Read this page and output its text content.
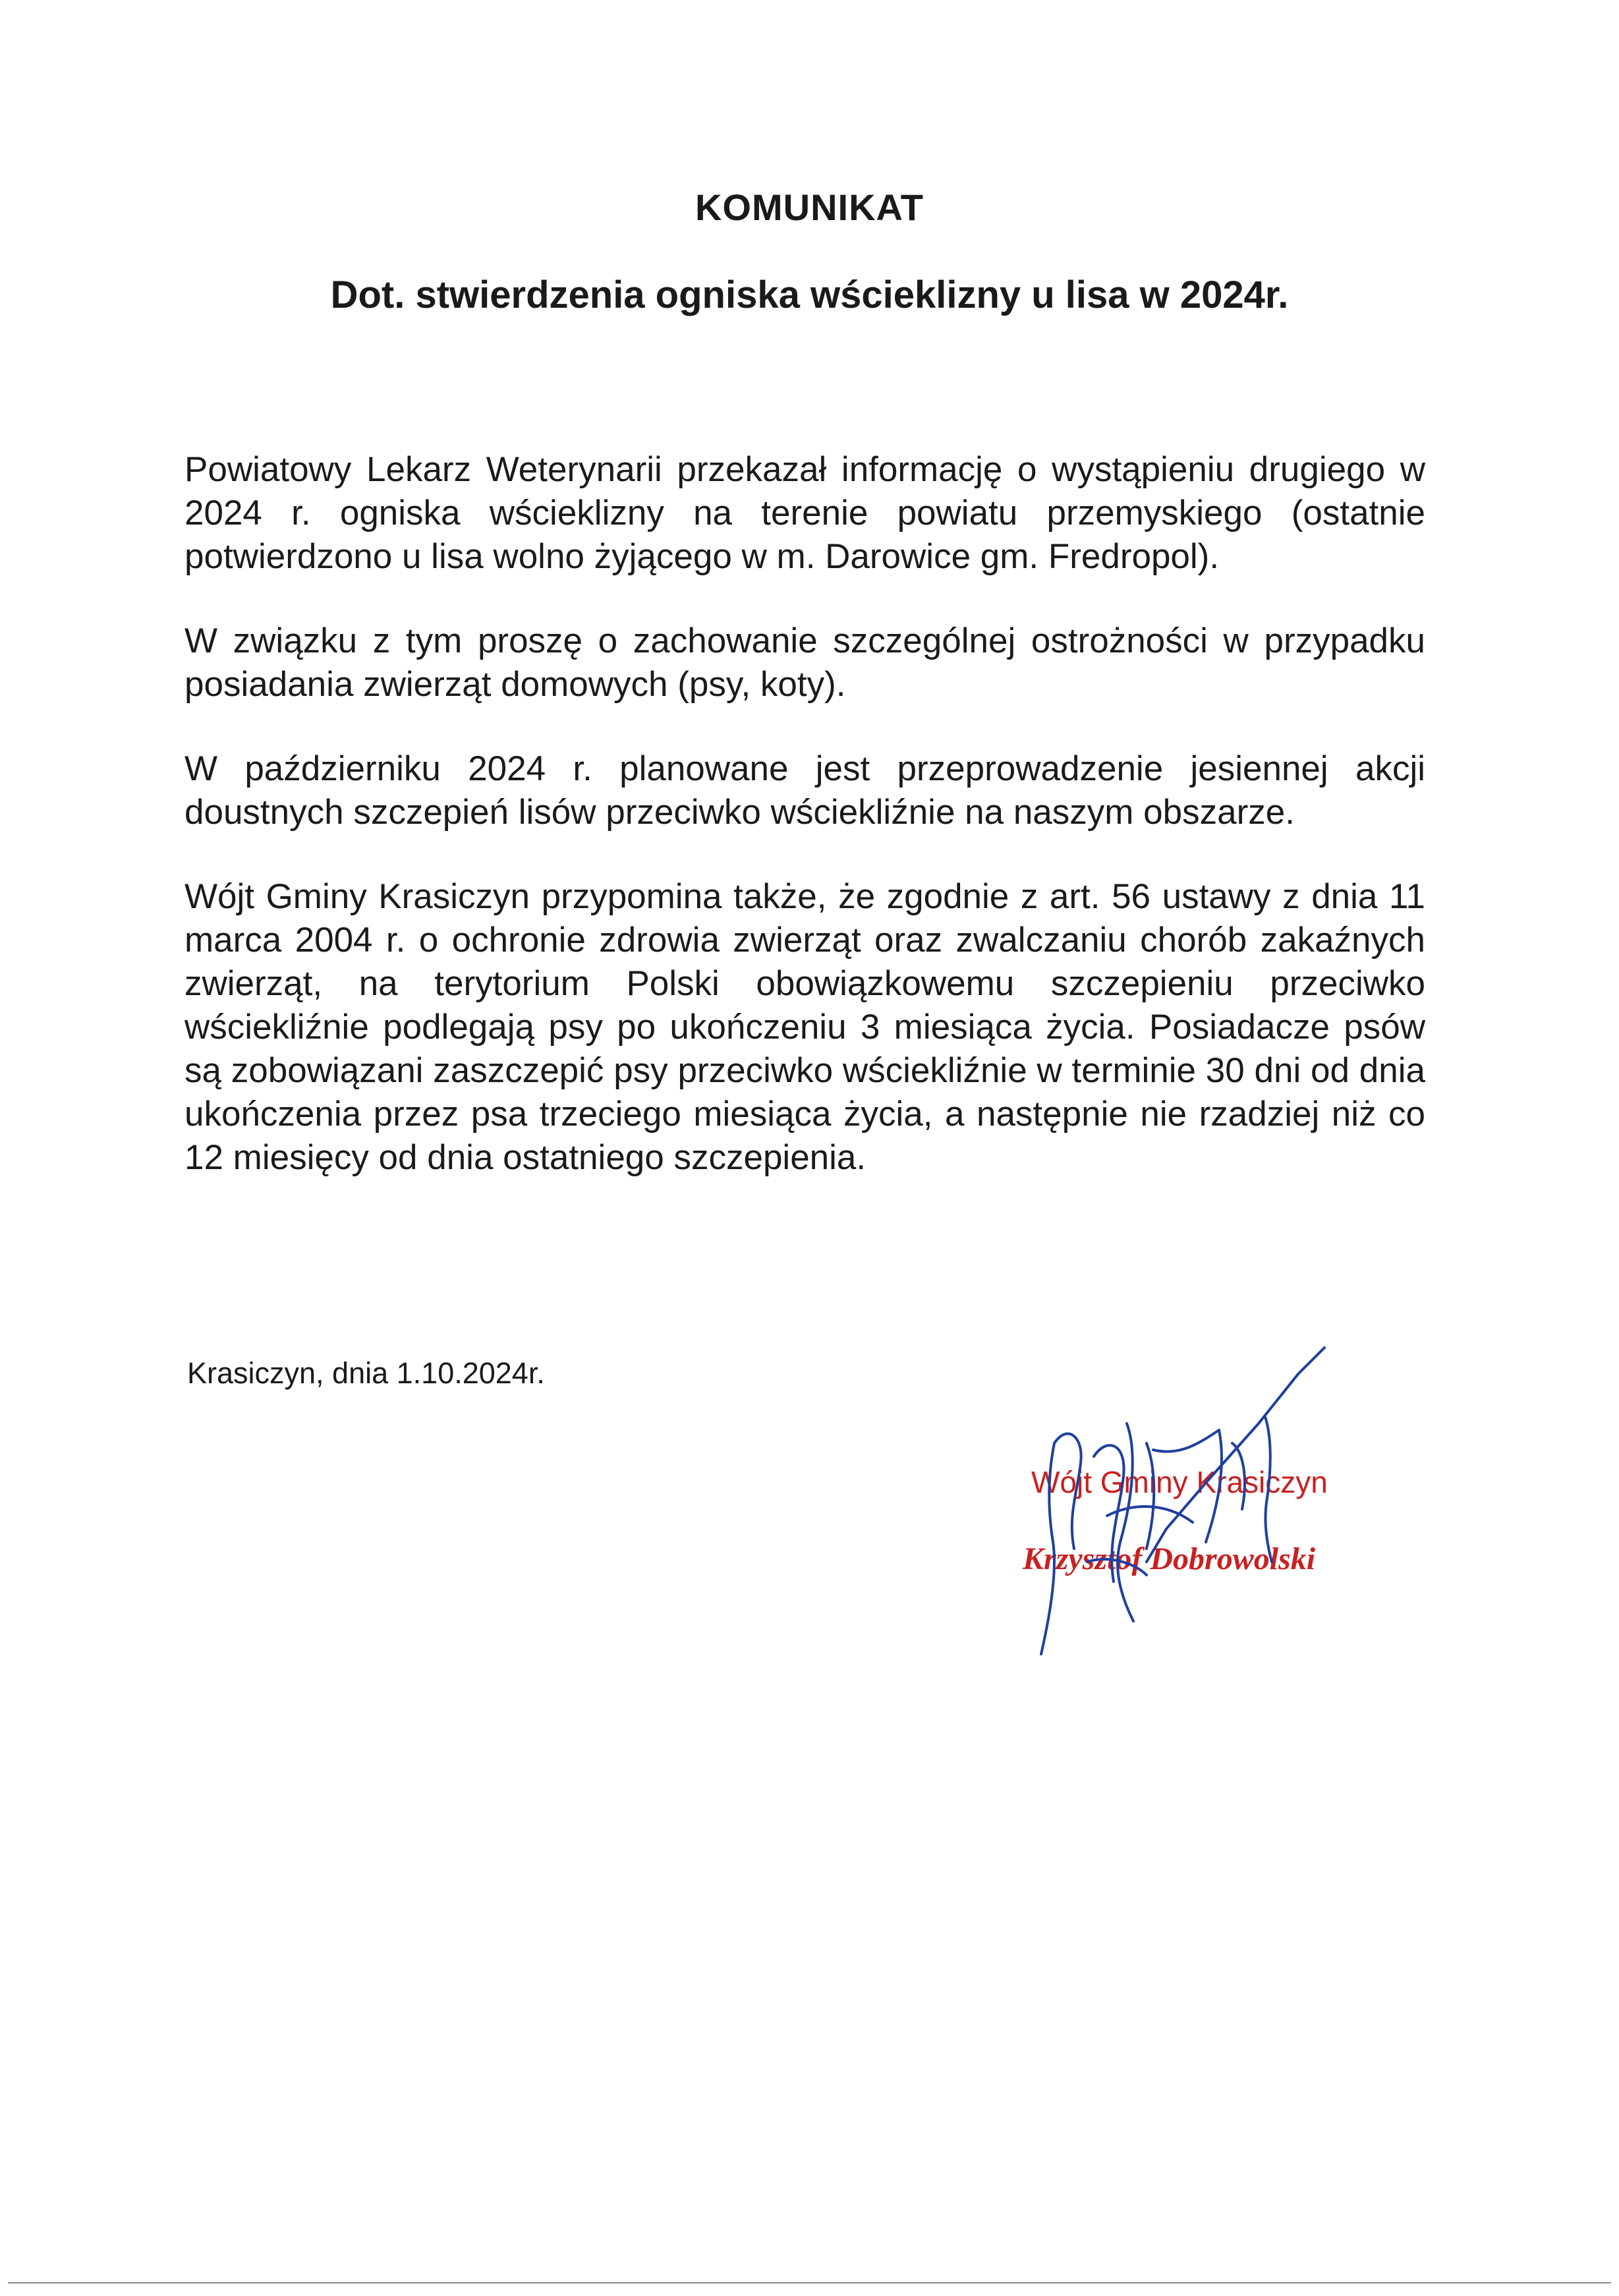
KOMUNIKAT
Dot. stwierdzenia ogniska wścieklizny u lisa w 2024r.

Powiatowy Lekarz Weterynarii przekazał informację o wystąpieniu drugiego w 2024 r. ogniska wścieklizny na terenie powiatu przemyskiego (ostatnie potwierdzono u lisa wolno żyjącego w m. Darowice gm. Fredropol).

W związku z tym proszę o zachowanie szczególnej ostrożności w przypadku posiadania zwierząt domowych (psy, koty).

W październiku 2024 r. planowane jest przeprowadzenie jesiennej akcji doustnych szczepień lisów przeciwko wściekliźnie na naszym obszarze.

Wójt Gminy Krasiczyn przypomina także, że zgodnie z art. 56 ustawy z dnia 11 marca 2004 r. o ochronie zdrowia zwierząt oraz zwalczaniu chorób zakaźnych zwierząt, na terytorium Polski obowiązkowemu szczepieniu przeciwko wściekliźnie podlegają psy po ukończeniu 3 miesiąca życia. Posiadacze psów są zobowiązani zaszczepić psy przeciwko wściekliźnie w terminie 30 dni od dnia ukończenia przez psa trzeciego miesiąca życia, a następnie nie rzadziej niż co 12 miesięcy od dnia ostatniego szczepienia.

Krasiczyn, dnia 1.10.2024r.
Wójt Gminy Krasiczyn
Krzysztof Dobrowolski
